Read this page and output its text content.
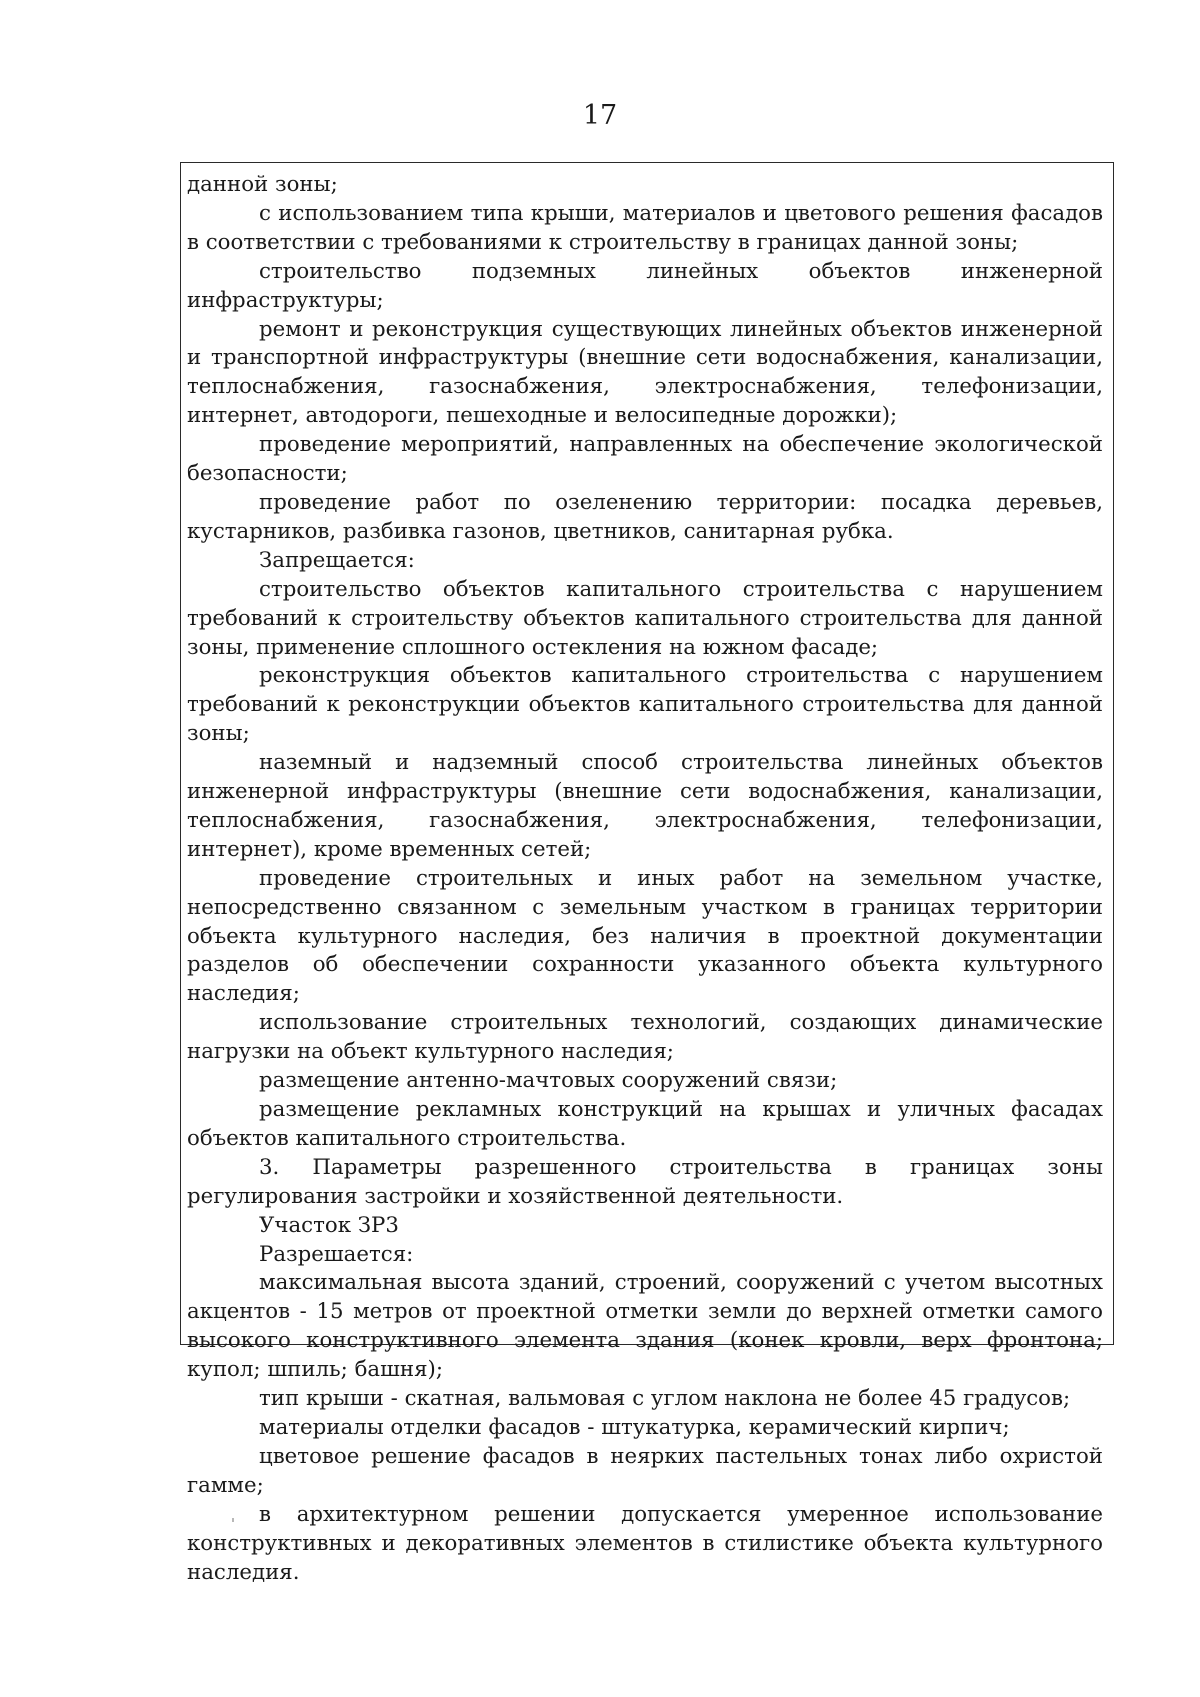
17

данной зоны;

с использованием типа крыши, материалов и цветового решения фасадов в соответствии с требованиями к строительству в границах данной зоны;

строительство подземных линейных объектов инженерной инфраструктуры;

ремонт и реконструкция существующих линейных объектов инженерной и транспортной инфраструктуры (внешние сети водоснабжения, канализации, теплоснабжения, газоснабжения, электроснабжения, телефонизации, интернет, автодороги, пешеходные и велосипедные дорожки);

проведение мероприятий, направленных на обеспечение экологической безопасности;

проведение работ по озеленению территории: посадка деревьев, кустарников, разбивка газонов, цветников, санитарная рубка.

Запрещается:

строительство объектов капитального строительства с нарушением требований к строительству объектов капитального строительства для данной зоны, применение сплошного остекления на южном фасаде;

реконструкция объектов капитального строительства с нарушением требований к реконструкции объектов капитального строительства для данной зоны;

наземный и надземный способ строительства линейных объектов инженерной инфраструктуры (внешние сети водоснабжения, канализации, теплоснабжения, газоснабжения, электроснабжения, телефонизации, интернет), кроме временных сетей;

проведение строительных и иных работ на земельном участке, непосредственно связанном с земельным участком в границах территории объекта культурного наследия, без наличия в проектной документации разделов об обеспечении сохранности указанного объекта культурного наследия;

использование строительных технологий, создающих динамические нагрузки на объект культурного наследия;

размещение антенно-мачтовых сооружений связи;

размещение рекламных конструкций на крышах и уличных фасадах объектов капитального строительства.

3. Параметры разрешенного строительства в границах зоны регулирования застройки и хозяйственной деятельности.

Участок ЗР3

Разрешается:

максимальная высота зданий, строений, сооружений с учетом высотных акцентов - 15 метров от проектной отметки земли до верхней отметки самого высокого конструктивного элемента здания (конек кровли, верх фронтона; купол; шпиль; башня);

тип крыши - скатная, вальмовая с углом наклона не более 45 градусов;

материалы отделки фасадов - штукатурка, керамический кирпич;

цветовое решение фасадов в неярких пастельных тонах либо охристой гамме;

в архитектурном решении допускается умеренное использование конструктивных и декоративных элементов в стилистике объекта культурного наследия.
